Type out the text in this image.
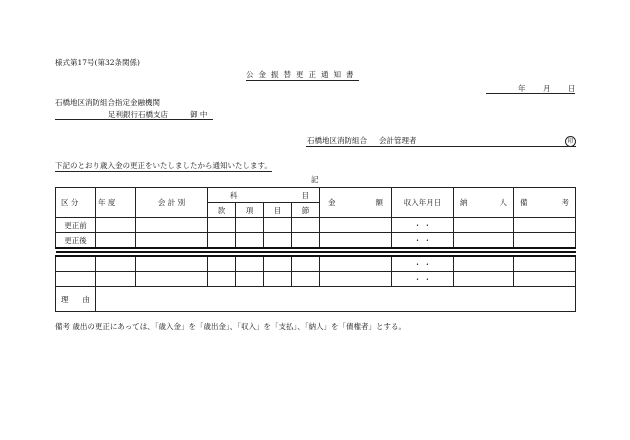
様式第17号(第32条関係)
公金振替更正通知書
年 月 日
石橋地区消防組合指定金融機関
足利銀行石橋支店	御 中
石橋地区消防組合 会計管理者	印
下記のとおり歳入金の更正をいたしましたから通知いたします。
記
区 分	年 度	会 計 別	科 目				金 額	収入年月日	納 人	備 考

			款	項	目	節				
更正前								・ ・		
更正後								・ ・		

								・ ・		
								・ ・		

理 由										

備考 歳出の更正にあっては、「歳入金」を「歳出金」、「収入」を「支払」、「納人」を「債権者」とする。
